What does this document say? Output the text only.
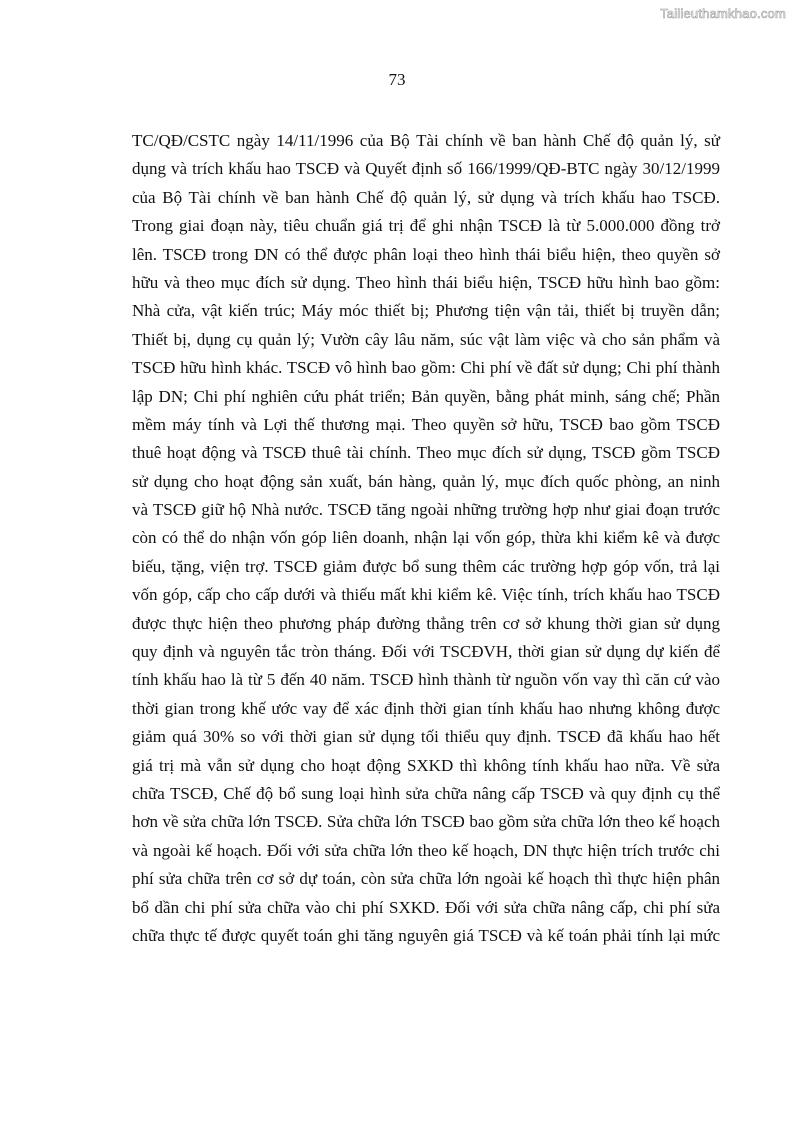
Tailieuthamkhao.com
73
TC/QĐ/CSTC ngày 14/11/1996 của Bộ Tài chính về ban hành Chế độ quản lý, sử
dụng và trích khấu hao TSCĐ và Quyết định số 166/1999/QĐ-BTC ngày 30/12/1999
của Bộ Tài chính về ban hành Chế độ quản lý, sử dụng và trích khấu hao TSCĐ.
Trong giai đoạn này, tiêu chuẩn giá trị để ghi nhận TSCĐ là từ 5.000.000 đồng trở
lên. TSCĐ trong DN có thể được phân loại theo hình thái biểu hiện, theo quyền sở
hữu và theo mục đích sử dụng. Theo hình thái biểu hiện, TSCĐ hữu hình bao gồm:
Nhà cửa, vật kiến trúc; Máy móc thiết bị; Phương tiện vận tải, thiết bị truyền dẫn;
Thiết bị, dụng cụ quản lý; Vườn cây lâu năm, súc vật làm việc và cho sản phẩm và
TSCĐ hữu hình khác. TSCĐ vô hình bao gồm: Chi phí về đất sử dụng; Chi phí thành
lập DN; Chi phí nghiên cứu phát triển; Bản quyền, bằng phát minh, sáng chế; Phần
mềm máy tính và Lợi thế thương mại. Theo quyền sở hữu, TSCĐ bao gồm TSCĐ
thuê hoạt động và TSCĐ thuê tài chính. Theo mục đích sử dụng, TSCĐ gồm TSCĐ
sử dụng cho hoạt động sản xuất, bán hàng, quản lý, mục đích quốc phòng, an ninh
và TSCĐ giữ hộ Nhà nước. TSCĐ tăng ngoài những trường hợp như giai đoạn trước
còn có thể do nhận vốn góp liên doanh, nhận lại vốn góp, thừa khi kiểm kê và được
biếu, tặng, viện trợ. TSCĐ giảm được bổ sung thêm các trường hợp góp vốn, trả lại
vốn góp, cấp cho cấp dưới và thiếu mất khi kiểm kê. Việc tính, trích khấu hao TSCĐ
được thực hiện theo phương pháp đường thẳng trên cơ sở khung thời gian sử dụng
quy định và nguyên tắc tròn tháng. Đối với TSCĐVH, thời gian sử dụng dự kiến để
tính khấu hao là từ 5 đến 40 năm. TSCĐ hình thành từ nguồn vốn vay thì căn cứ vào
thời gian trong khế ước vay để xác định thời gian tính khấu hao nhưng không được
giảm quá 30% so với thời gian sử dụng tối thiểu quy định. TSCĐ đã khấu hao hết
giá trị mà vẫn sử dụng cho hoạt động SXKD thì không tính khấu hao nữa. Về sửa
chữa TSCĐ, Chế độ bổ sung loại hình sửa chữa nâng cấp TSCĐ và quy định cụ thể
hơn về sửa chữa lớn TSCĐ. Sửa chữa lớn TSCĐ bao gồm sửa chữa lớn theo kế hoạch
và ngoài kế hoạch. Đối với sửa chữa lớn theo kế hoạch, DN thực hiện trích trước chi
phí sửa chữa trên cơ sở dự toán, còn sửa chữa lớn ngoài kế hoạch thì thực hiện phân
bổ dần chi phí sửa chữa vào chi phí SXKD. Đối với sửa chữa nâng cấp, chi phí sửa
chữa thực tế được quyết toán ghi tăng nguyên giá TSCĐ và kế toán phải tính lại mức
